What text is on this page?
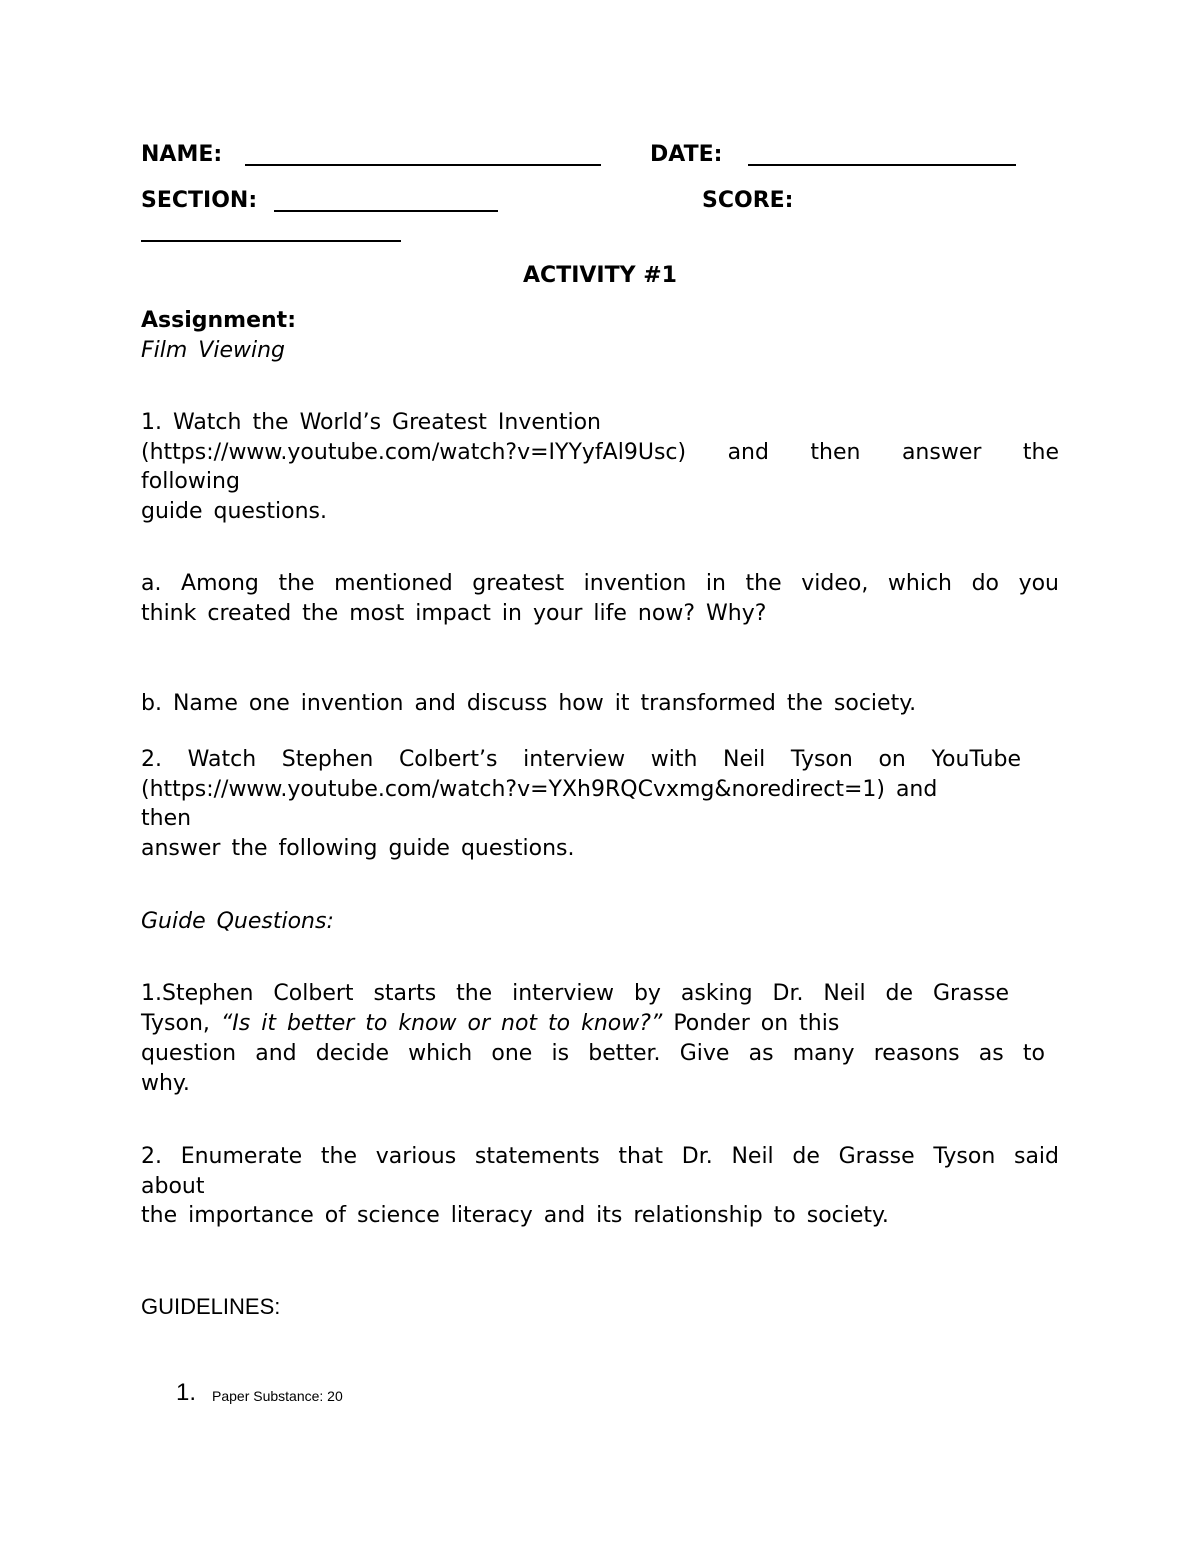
NAME:	DATE:
SECTION:	SCORE:
ACTIVITY #1
Assignment:
Film Viewing
1. Watch the World’s Greatest Invention
(https://www.youtube.com/watch?v=IYYyfAl9Usc) and then answer the
following
guide questions.
a. Among the mentioned greatest invention in the video, which do you
think created the most impact in your life now? Why?
b. Name one invention and discuss how it transformed the society.
2. Watch Stephen Colbert’s interview with Neil Tyson on YouTube
(https://www.youtube.com/watch?v=YXh9RQCvxmg&noredirect=1) and
then
answer the following guide questions.
Guide Questions:
1.Stephen Colbert starts the interview by asking Dr. Neil de Grasse
Tyson, “Is it better to know or not to know?” Ponder on this
question and decide which one is better. Give as many reasons as to
why.
2. Enumerate the various statements that Dr. Neil de Grasse Tyson said
about
the importance of science literacy and its relationship to society.
GUIDELINES:
1. Paper Substance: 20
